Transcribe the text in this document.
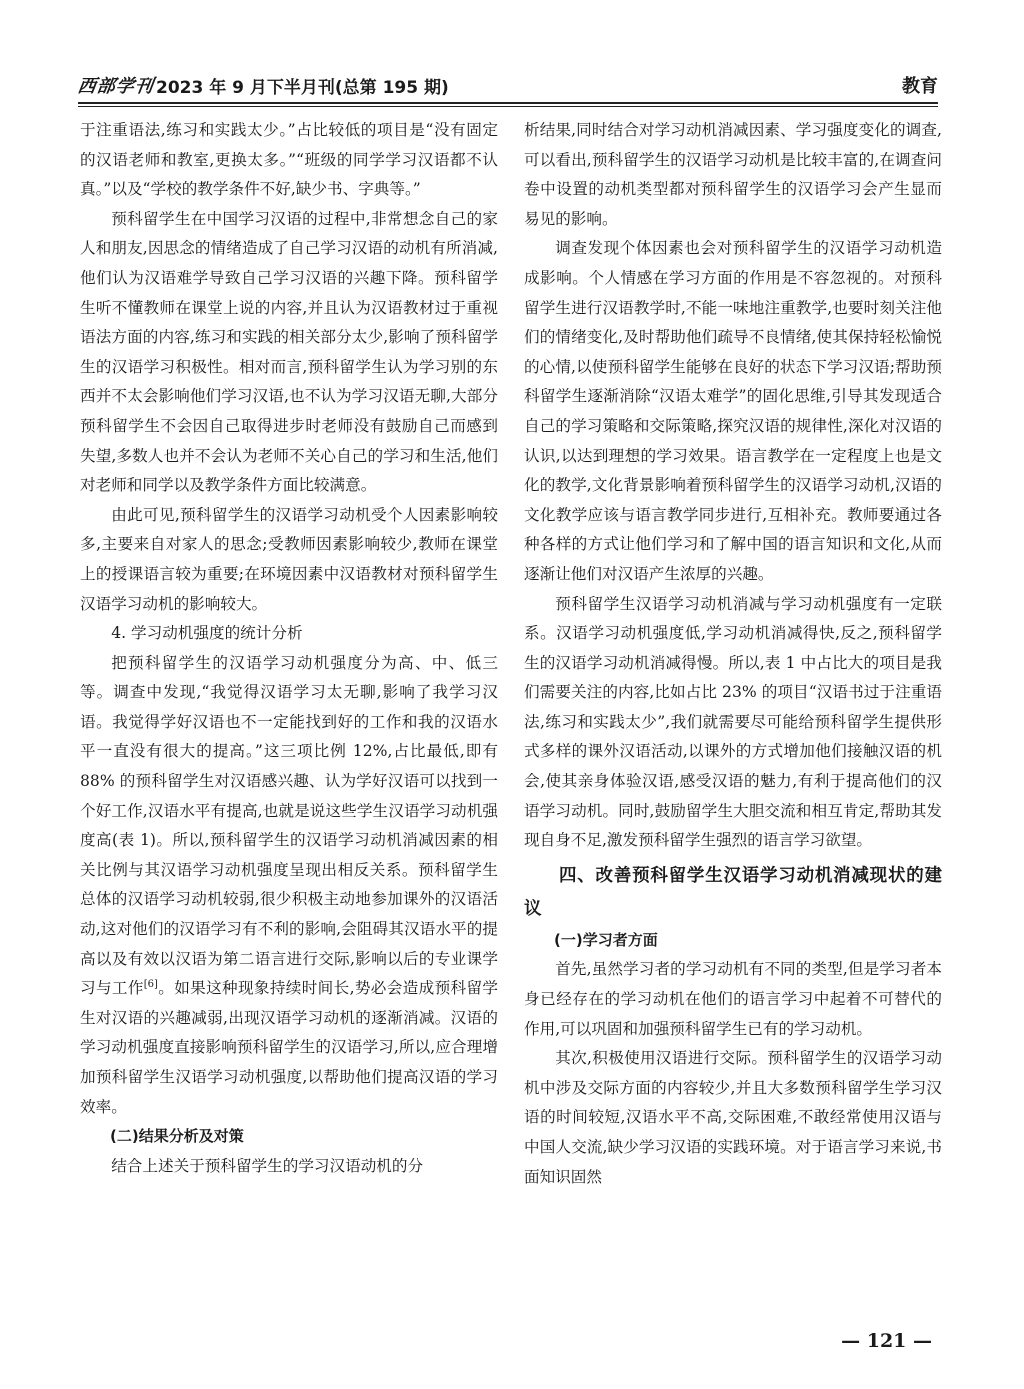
西部学刊 2023 年 9 月下半月刊(总第 195 期)	教育

于注重语法,练习和实践太少。”占比较低的项目是“没有固定的汉语老师和教室,更换太多。”“班级的同学学习汉语都不认真。”以及“学校的教学条件不好,缺少书、字典等。”

预科留学生在中国学习汉语的过程中,非常想念自己的家人和朋友,因思念的情绪造成了自己学习汉语的动机有所消减,他们认为汉语难学导致自己学习汉语的兴趣下降。预科留学生听不懂教师在课堂上说的内容,并且认为汉语教材过于重视语法方面的内容,练习和实践的相关部分太少,影响了预科留学生的汉语学习积极性。相对而言,预科留学生认为学习别的东西并不太会影响他们学习汉语,也不认为学习汉语无聊,大部分预科留学生不会因自己取得进步时老师没有鼓励自己而感到失望,多数人也并不会认为老师不关心自己的学习和生活,他们对老师和同学以及教学条件方面比较满意。

由此可见,预科留学生的汉语学习动机受个人因素影响较多,主要来自对家人的思念;受教师因素影响较少,教师在课堂上的授课语言较为重要;在环境因素中汉语教材对预科留学生汉语学习动机的影响较大。

4. 学习动机强度的统计分析

把预科留学生的汉语学习动机强度分为高、中、低三等。调查中发现,“我觉得汉语学习太无聊,影响了我学习汉语。我觉得学好汉语也不一定能找到好的工作和我的汉语水平一直没有很大的提高。”这三项比例 12%,占比最低,即有 88% 的预科留学生对汉语感兴趣、认为学好汉语可以找到一个好工作,汉语水平有提高,也就是说这些学生汉语学习动机强度高(表 1)。所以,预科留学生的汉语学习动机消减因素的相关比例与其汉语学习动机强度呈现出相反关系。预科留学生总体的汉语学习动机较弱,很少积极主动地参加课外的汉语活动,这对他们的汉语学习有不利的影响,会阻碍其汉语水平的提高以及有效以汉语为第二语言进行交际,影响以后的专业课学习与工作[6]。如果这种现象持续时间长,势必会造成预科留学生对汉语的兴趣减弱,出现汉语学习动机的逐渐消减。汉语的学习动机强度直接影响预科留学生的汉语学习,所以,应合理增加预科留学生汉语学习动机强度,以帮助他们提高汉语的学习效率。

(二)结果分析及对策

结合上述关于预科留学生的学习汉语动机的分

析结果,同时结合对学习动机消减因素、学习强度变化的调查,可以看出,预科留学生的汉语学习动机是比较丰富的,在调查问卷中设置的动机类型都对预科留学生的汉语学习会产生显而易见的影响。

调查发现个体因素也会对预科留学生的汉语学习动机造成影响。个人情感在学习方面的作用是不容忽视的。对预科留学生进行汉语教学时,不能一味地注重教学,也要时刻关注他们的情绪变化,及时帮助他们疏导不良情绪,使其保持轻松愉悦的心情,以使预科留学生能够在良好的状态下学习汉语;帮助预科留学生逐渐消除“汉语太难学”的固化思维,引导其发现适合自己的学习策略和交际策略,探究汉语的规律性,深化对汉语的认识,以达到理想的学习效果。语言教学在一定程度上也是文化的教学,文化背景影响着预科留学生的汉语学习动机,汉语的文化教学应该与语言教学同步进行,互相补充。教师要通过各种各样的方式让他们学习和了解中国的语言知识和文化,从而逐渐让他们对汉语产生浓厚的兴趣。

预科留学生汉语学习动机消减与学习动机强度有一定联系。汉语学习动机强度低,学习动机消减得快,反之,预科留学生的汉语学习动机消减得慢。所以,表 1 中占比大的项目是我们需要关注的内容,比如占比 23% 的项目“汉语书过于注重语法,练习和实践太少”,我们就需要尽可能给预科留学生提供形式多样的课外汉语活动,以课外的方式增加他们接触汉语的机会,使其亲身体验汉语,感受汉语的魅力,有利于提高他们的汉语学习动机。同时,鼓励留学生大胆交流和相互肯定,帮助其发现自身不足,激发预科留学生强烈的语言学习欲望。

四、改善预科留学生汉语学习动机消减现状的建议

(一)学习者方面

首先,虽然学习者的学习动机有不同的类型,但是学习者本身已经存在的学习动机在他们的语言学习中起着不可替代的作用,可以巩固和加强预科留学生已有的学习动机。

其次,积极使用汉语进行交际。预科留学生的汉语学习动机中涉及交际方面的内容较少,并且大多数预科留学生学习汉语的时间较短,汉语水平不高,交际困难,不敢经常使用汉语与中国人交流,缺少学习汉语的实践环境。对于语言学习来说,书面知识固然

— 121 —
